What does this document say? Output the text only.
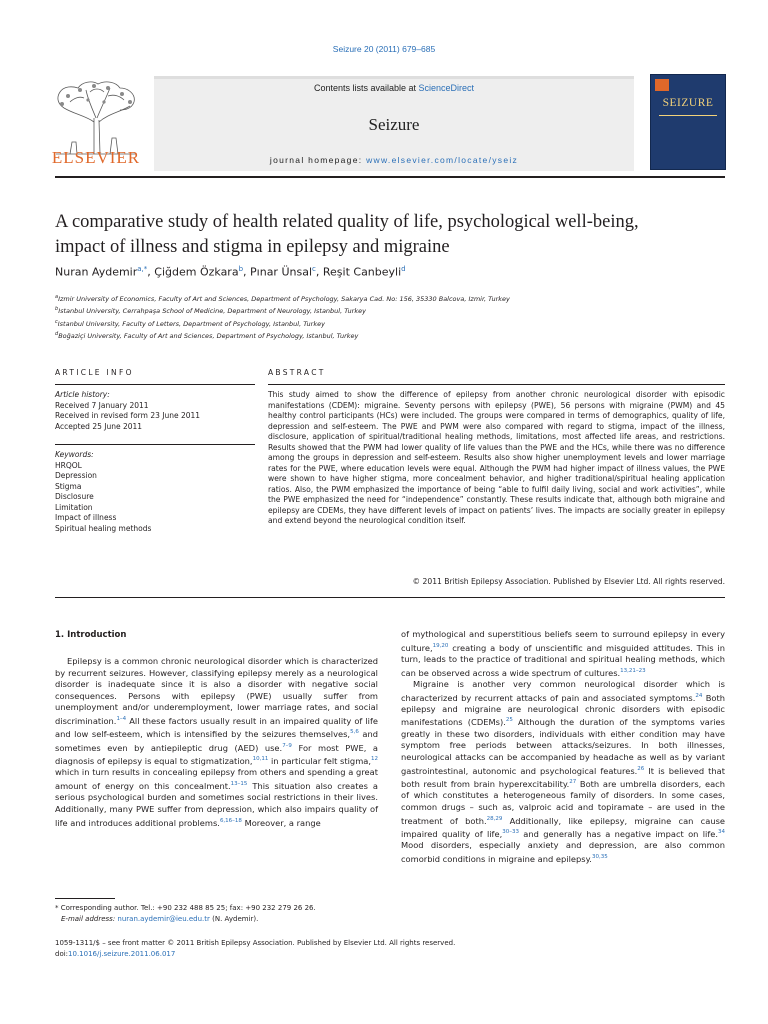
Seizure 20 (2011) 679–685
ELSEVIER
Contents lists available at ScienceDirect
Seizure
journal homepage: www.elsevier.com/locate/yseiz
SEIZURE
A comparative study of health related quality of life, psychological well-being,
impact of illness and stigma in epilepsy and migraine
Nuran Aydemir$^{a,*}$, Çiğdem Özkara$^b$, Pınar Ünsal$^c$, Reşit Canbeyli$^d$
$^a$Izmir University of Economics, Faculty of Art and Sciences, Department of Psychology, Sakarya Cad. No: 156, 35330 Balcova, Izmir, Turkey
$^b$Istanbul University, Cerrahpaşa School of Medicine, Department of Neurology, Istanbul, Turkey
$^c$Istanbul University, Faculty of Letters, Department of Psychology, Istanbul, Turkey
$^d$Boğaziçi University, Faculty of Art and Sciences, Department of Psychology, Istanbul, Turkey
ARTICLE INFO	ABSTRACT
Article history:
Received 7 January 2011
Received in revised form 23 June 2011
Accepted 25 June 2011
Keywords:
HRQOL
Depression
Stigma
Disclosure
Limitation
Impact of illness
Spiritual healing methods
This study aimed to show the difference of epilepsy from another chronic neurological disorder with episodic manifestations (CDEM): migraine. Seventy persons with epilepsy (PWE), 56 persons with migraine (PWM) and 45 healthy control participants (HCs) were included. The groups were compared in terms of demographics, quality of life, depression and self-esteem. The PWE and PWM were also compared with regard to stigma, impact of the illness, disclosure, application of spiritual/traditional healing methods, limitations, most affected life areas, and restrictions. Results showed that the PWM had lower quality of life values than the PWE and the HCs, while there was no difference among the groups in depression and self-esteem. Results also show higher unemployment levels and lower marriage rates for the PWE, where education levels were equal. Although the PWM had higher impact of illness values, the PWE were shown to have higher stigma, more concealment behavior, and higher traditional/spiritual healing application ratios. Also, the PWM emphasized the importance of being “able to fulfil daily living, social and work activities”, while the PWE emphasized the need for “independence” constantly. These results indicate that, although both migraine and epilepsy are CDEMs, they have different levels of impact on patients’ lives. The impacts are socially greater in epilepsy and extend beyond the neurological condition itself.
© 2011 British Epilepsy Association. Published by Elsevier Ltd. All rights reserved.
1. Introduction

Epilepsy is a common chronic neurological disorder which is characterized by recurrent seizures. However, classifying epilepsy merely as a neurological disorder is inadequate since it is also a disorder with negative social consequences. Persons with epilepsy (PWE) usually suffer from unemployment and/or underemployment, lower marriage rates, and social discrimination.$^{1-4}$ All these factors usually result in an impaired quality of life and low self-esteem, which is intensified by the seizures themselves,$^{5,6}$ and sometimes even by antiepileptic drug (AED) use.$^{7-9}$ For most PWE, a diagnosis of epilepsy is equal to stigmatization,$^{10,11}$ in particular felt stigma,$^{12}$ which in turn results in concealing epilepsy from others and spending a great amount of energy on this concealment.$^{13-15}$ This situation also creates a serious psychological burden and sometimes social restrictions in their lives. Additionally, many PWE suffer from depression, which also impairs quality of life and introduces additional problems.$^{6,16-18}$ Moreover, a range

of mythological and superstitious beliefs seem to surround epilepsy in every culture,$^{19,20}$ creating a body of unscientific and misguided attitudes. This in turn, leads to the practice of traditional and spiritual healing methods, which can be observed across a wide spectrum of cultures.$^{13,21-23}$

Migraine is another very common neurological disorder which is characterized by recurrent attacks of pain and associated symptoms.$^{24}$ Both epilepsy and migraine are neurological chronic disorders with episodic manifestations (CDEMs).$^{25}$ Although the duration of the symptoms varies greatly in these two disorders, individuals with either condition may have symptom free periods between attacks/seizures. In both illnesses, neurological attacks can be accompanied by headache as well as by variant gastrointestinal, autonomic and psychological features.$^{26}$ It is believed that both result from brain hyperexcitability.$^{27}$ Both are umbrella disorders, each of which constitutes a heterogeneous family of disorders. In some cases, common drugs – such as, valproic acid and topiramate – are used in the treatment of both.$^{28,29}$ Additionally, like epilepsy, migraine can cause impaired quality of life,$^{30-33}$ and generally has a negative impact on life.$^{34}$ Mood disorders, especially anxiety and depression, are also common comorbid conditions in migraine and epilepsy.$^{30,35}$

* Corresponding author. Tel.: +90 232 488 85 25; fax: +90 232 279 26 26.
E-mail address: nuran.aydemir@ieu.edu.tr (N. Aydemir).
1059-1311/$ – see front matter © 2011 British Epilepsy Association. Published by Elsevier Ltd. All rights reserved.
doi:10.1016/j.seizure.2011.06.017
